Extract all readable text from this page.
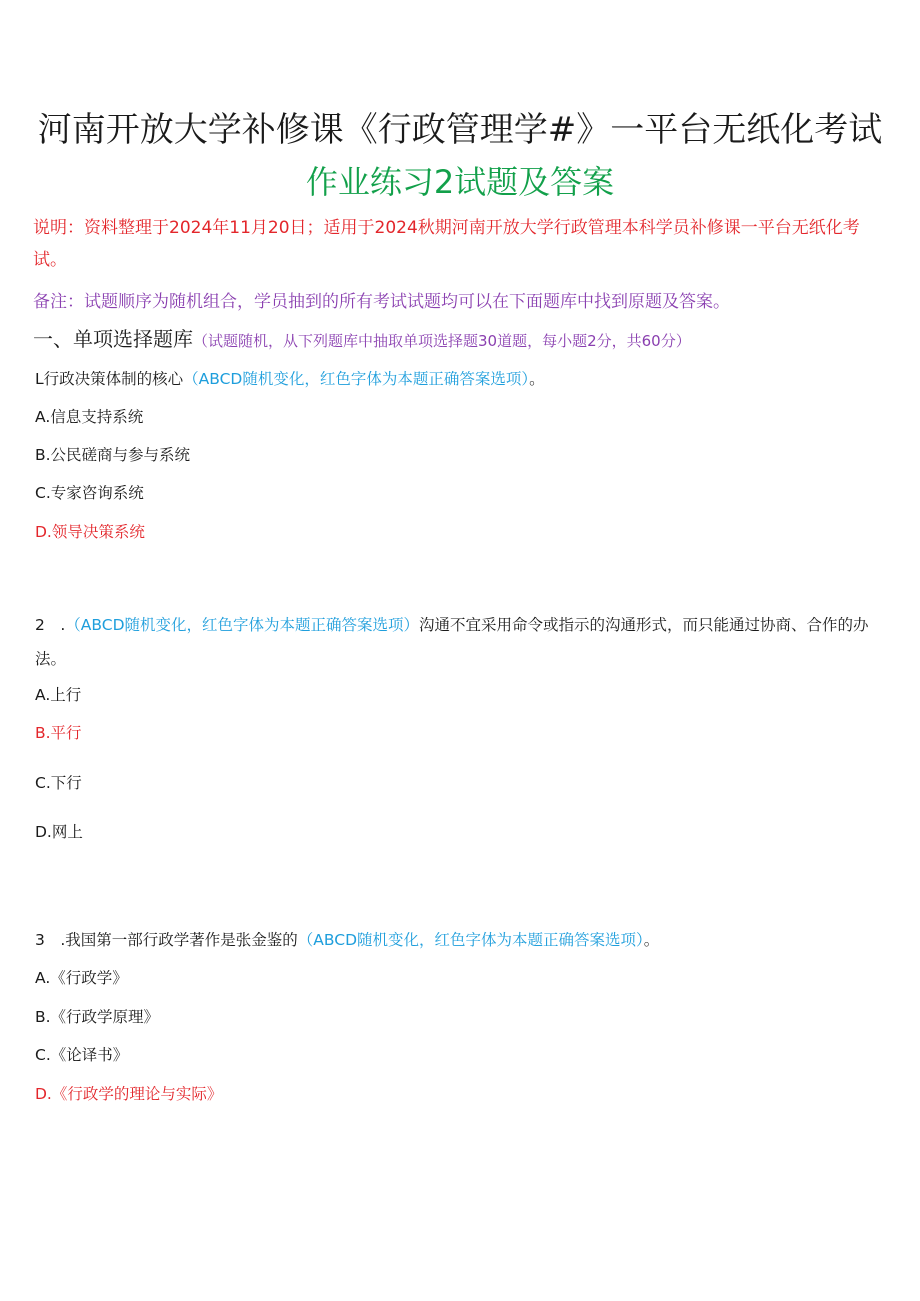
河南开放大学补修课《行政管理学#》一平台无纸化考试
作业练习2试题及答案
说明：资料整理于2024年11月20日；适用于2024秋期河南开放大学行政管理本科学员补修课一平台无纸化考试。
备注：试题顺序为随机组合，学员抽到的所有考试试题均可以在下面题库中找到原题及答案。
一、单项选择题库（试题随机，从下列题库中抽取单项选择题30道题，每小题2分，共60分）
L行政决策体制的核心（ABCD随机变化，红色字体为本题正确答案选项）。
A.信息支持系统
B.公民磋商与参与系统
C.专家咨询系统
D.领导决策系统
2　.（ABCD随机变化，红色字体为本题正确答案选项）沟通不宜采用命令或指示的沟通形式，而只能通过协商、合作的办法。
A.上行
B.平行
C.下行
D.网上
3　.我国第一部行政学著作是张金鉴的（ABCD随机变化，红色字体为本题正确答案选项）。
A.《行政学》
B.《行政学原理》
C.《论译书》
D.《行政学的理论与实际》
